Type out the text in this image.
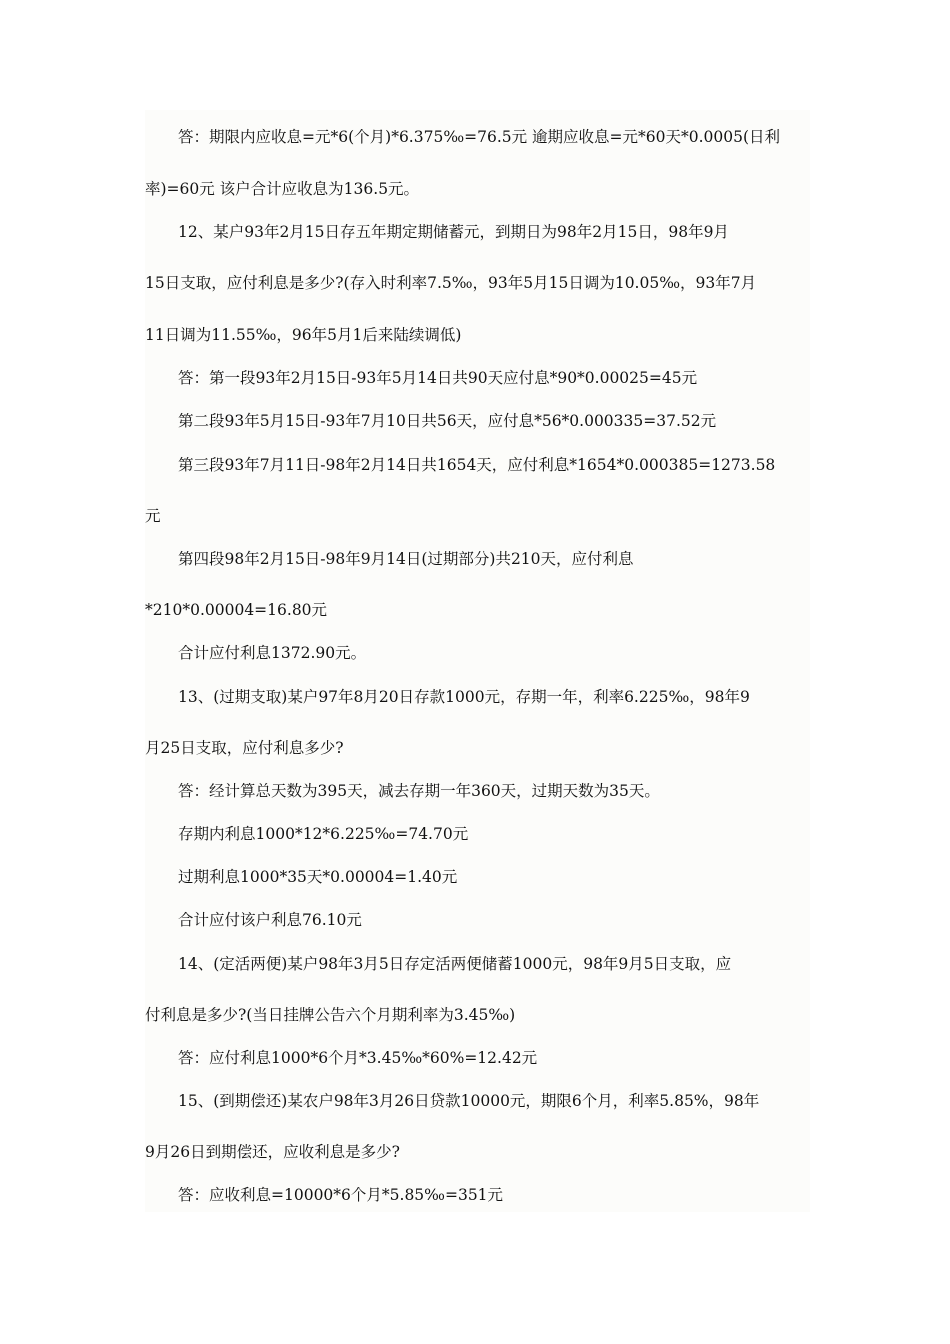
答：期限内应收息=元*6(个月)*6.375‰=76.5元 逾期应收息=元*60天*0.0005(日利
率)=60元 该户合计应收息为136.5元。
12、某户93年2月15日存五年期定期储蓄元，到期日为98年2月15日，98年9月
15日支取，应付利息是多少?(存入时利率7.5‰，93年5月15日调为10.05‰，93年7月
11日调为11.55‰，96年5月1后来陆续调低)
答：第一段93年2月15日-93年5月14日共90天应付息*90*0.00025=45元
第二段93年5月15日-93年7月10日共56天，应付息*56*0.000335=37.52元
第三段93年7月11日-98年2月14日共1654天，应付利息*1654*0.000385=1273.58
元
第四段98年2月15日-98年9月14日(过期部分)共210天，应付利息
*210*0.00004=16.80元
合计应付利息1372.90元。
13、(过期支取)某户97年8月20日存款1000元，存期一年，利率6.225‰，98年9
月25日支取，应付利息多少?
答：经计算总天数为395天，减去存期一年360天，过期天数为35天。
存期内利息1000*12*6.225‰=74.70元
过期利息1000*35天*0.00004=1.40元
合计应付该户利息76.10元
14、(定活两便)某户98年3月5日存定活两便储蓄1000元，98年9月5日支取，应
付利息是多少?(当日挂牌公告六个月期利率为3.45‰)
答：应付利息1000*6个月*3.45‰*60%=12.42元
15、(到期偿还)某农户98年3月26日贷款10000元，期限6个月，利率5.85%，98年
9月26日到期偿还，应收利息是多少?
答：应收利息=10000*6个月*5.85‰=351元
